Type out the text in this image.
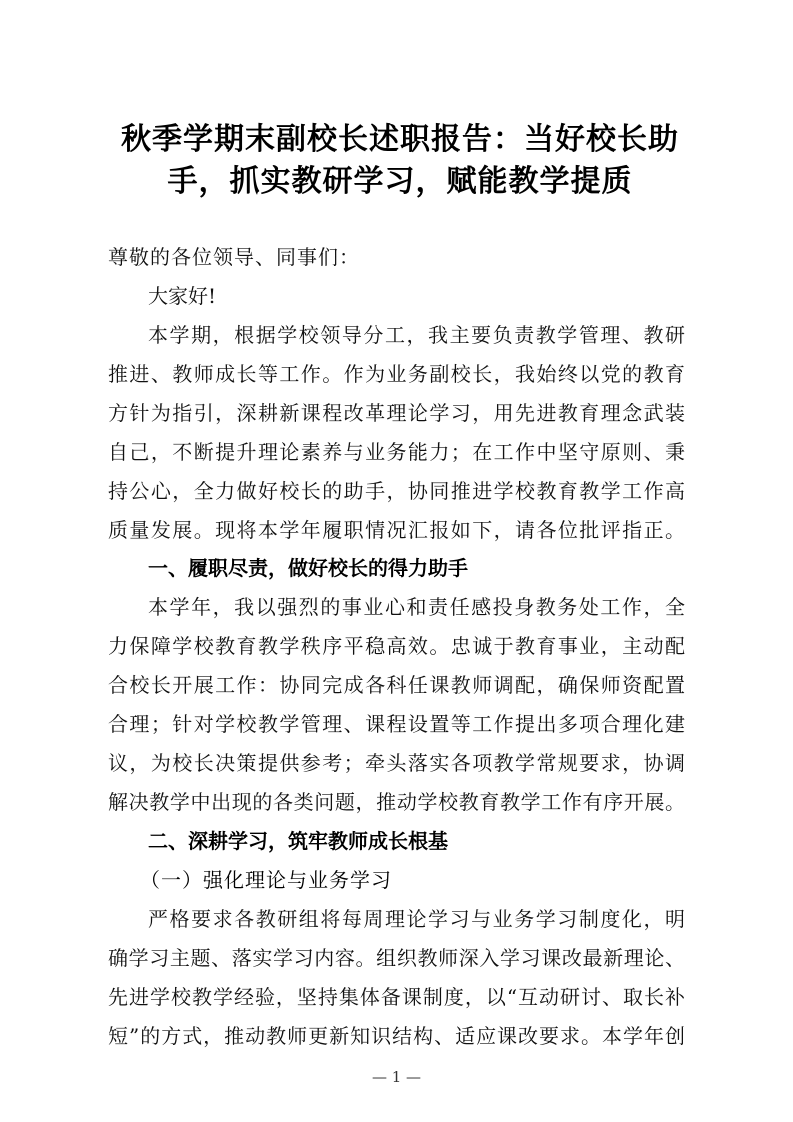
秋季学期末副校长述职报告：当好校长助
手，抓实教研学习，赋能教学提质
尊敬的各位领导、同事们：
大家好!
本学期，根据学校领导分工，我主要负责教学管理、教研
推进、教师成长等工作。作为业务副校长，我始终以党的教育
方针为指引，深耕新课程改革理论学习，用先进教育理念武装
自己，不断提升理论素养与业务能力；在工作中坚守原则、秉
持公心，全力做好校长的助手，协同推进学校教育教学工作高
质量发展。现将本学年履职情况汇报如下，请各位批评指正。
一、履职尽责，做好校长的得力助手
本学年，我以强烈的事业心和责任感投身教务处工作，全
力保障学校教育教学秩序平稳高效。忠诚于教育事业，主动配
合校长开展工作：协同完成各科任课教师调配，确保师资配置
合理；针对学校教学管理、课程设置等工作提出多项合理化建
议，为校长决策提供参考；牵头落实各项教学常规要求，协调
解决教学中出现的各类问题，推动学校教育教学工作有序开展。
二、深耕学习，筑牢教师成长根基
（一）强化理论与业务学习
严格要求各教研组将每周理论学习与业务学习制度化，明
确学习主题、落实学习内容。组织教师深入学习课改最新理论、
先进学校教学经验，坚持集体备课制度，以“互动研讨、取长补
短”的方式，推动教师更新知识结构、适应课改要求。本学年创
— 1 —
